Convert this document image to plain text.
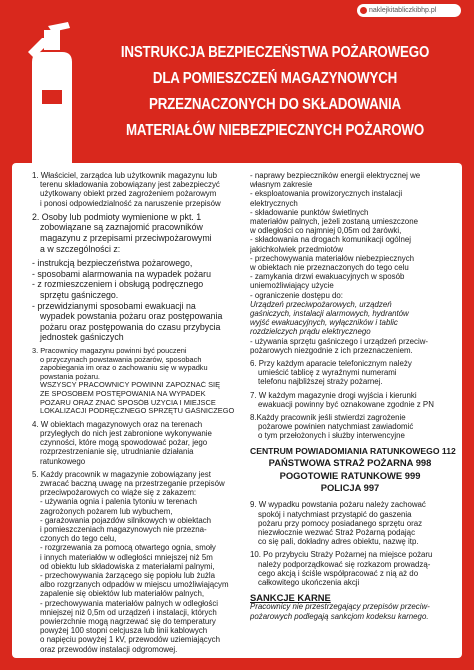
naklejkitabliczkibhp.pl
INSTRUKCJA BEZPIECZEŃSTWA POŻAROWEGO
DLA POMIESZCZEŃ MAGAZYNOWYCH
PRZEZNACZONYCH DO SKŁADOWANIA
MATERIAŁÓW NIEBEZPIECZNYCH POŻAROWO
1. Właściciel, zarządca lub użytkownik magazynu lub
terenu składowania zobowiązany jest zabezpieczyć
użytkowany obiekt przed zagrożeniem pożarowym
i ponosi odpowiedzialność za naruszenie przepisów
2. Osoby lub podmioty wymienione w pkt. 1
zobowiązane są zaznajomić pracowników
magazynu z przepisami przeciwpożarowymi
a w szczególności z:
- instrukcją bezpieczeństwa pożarowego,
- sposobami alarmowania na wypadek pożaru
- z rozmieszczeniem i obsługą podręcznego
sprzętu gaśniczego.
- przewidzianymi sposobami ewakuacji na
wypadek powstania pożaru oraz postępowania
pożaru oraz postępowania do czasu przybycia
jednostek gaśniczych
3. Pracownicy magazynu powinni być pouczeni
o przyczynach powstawania pożarów, sposobach
zapobiegania im oraz o zachowaniu się w wypadku
powstania pożaru.
WSZYSCY PRACOWNICY POWINNI ZAPOZNAĆ SIĘ
ZE SPOSOBEM POSTĘPOWANIA NA WYPADEK
POŻARU ORAZ ZNAĆ SPOSÓB UŻYCIA I MIEJSCE
LOKALIZACJI PODRĘCZNEGO SPRZĘTU GAŚNICZEGO
4. W obiektach magazynowych oraz na terenach
przyległych do nich jest zabronione wykonywanie
czynności, które mogą spowodować pożar, jego
rozprzestrzenianie się, utrudnianie działania
ratunkowego
5. Każdy pracownik w magazynie zobowiązany jest
zwracać baczną uwagę na przestrzeganie przepisów
przeciwpożarowych co wiąże się z zakazem:
- używania ognia i palenia tytoniu w terenach
zagrożonych pożarem lub wybuchem,
- garażowania pojazdów silnikowych w obiektach
i pomieszczeniach magazynowych nie przezna-
czonych do tego celu,
- rozgrzewania za pomocą otwartego ognia, smoły
i innych materiałów w odległości mniejszej niż 5m
od obiektu lub składowiska z materiałami palnymi,
- przechowywania żarzącego się popiołu lub żużla
albo rozgrzanych odpadów w miejscu umożliwiającym
zapalenie się obiektów lub materiałów palnych,
- przechowywania materiałów palnych w odległości
mniejszej niż 0,5m od urządzeń i instalacji, których
powierzchnie mogą nagrzewać się do temperatury
powyżej 100 stopni celcjusza lub linii kablowych
o napięciu powyżej 1 kV, przewodów uziemiających
oraz przewodów instalacji odgromowej.
- naprawy bezpieczników energii elektrycznej we
własnym zakresie
- eksploatowania prowizorycznych instalacji
elektrycznych
- składowanie punktów świetlnych
materiałów palnych, jeżeli zostaną umieszczone
w odległości co najmniej 0,05m od żarówki,
- składowania na drogach komunikacji ogólnej
jakichkolwiek przedmiotów
- przechowywania materiałów niebezpiecznych
w obiektach nie przeznaczonych do tego celu
- zamykania drzwi ewakuacyjnych w sposób
uniemożliwiający użycie
- ograniczenie dostępu do:
Urządzeń przeciwpożarowych, urządzeń
gaśniczych, instalacji alarmowych, hydrantów
wyjść ewakuacyjnych, wyłączników i tablic
rozdzielczych prądu elektrycznego
- używania sprzętu gaśniczego i urządzeń przeciw-
pożarowych niezgodnie z ich przeznaczeniem.
6. Przy każdym aparacie telefonicznym należy
umieścić tablicę z wyraźnymi numerami
telefonu najbliższej straży pożarnej.
7. W każdym magazynie drogi wyjścia i kierunki
ewakuacji powinny być oznakowane zgodnie z PN
8.Każdy pracownik jeśli stwierdzi zagrożenie
pożarowe powinien natychmiast zawiadomić
o tym przełożonych i służby interwencyjne
CENTRUM POWIADOMIANIA RATUNKOWEGO 112
PAŃSTWOWA STRAŻ POŻARNA 998
POGOTOWIE RATUNKOWE 999
POLICJA 997
9. W wypadku powstania pożaru należy zachować
spokój i natychmiast przystąpić do gaszenia
pożaru przy pomocy posiadanego sprzętu oraz
niezwłocznie wezwać Straż Pożarną podając
co się pali, dokładny adres obiektu, nazwę itp.
10. Po przybyciu Straży Pożarnej na miejsce pożaru
należy podporządkować się rozkazom prowadzą-
cego akcją i ściśle współpracować z nią aż do
całkowitego ukończenia akcji
SANKCJE KARNE
Pracownicy nie przestrzegający przepisów przeciw-
pożarowych podlegają sankcjom kodeksu karnego.
